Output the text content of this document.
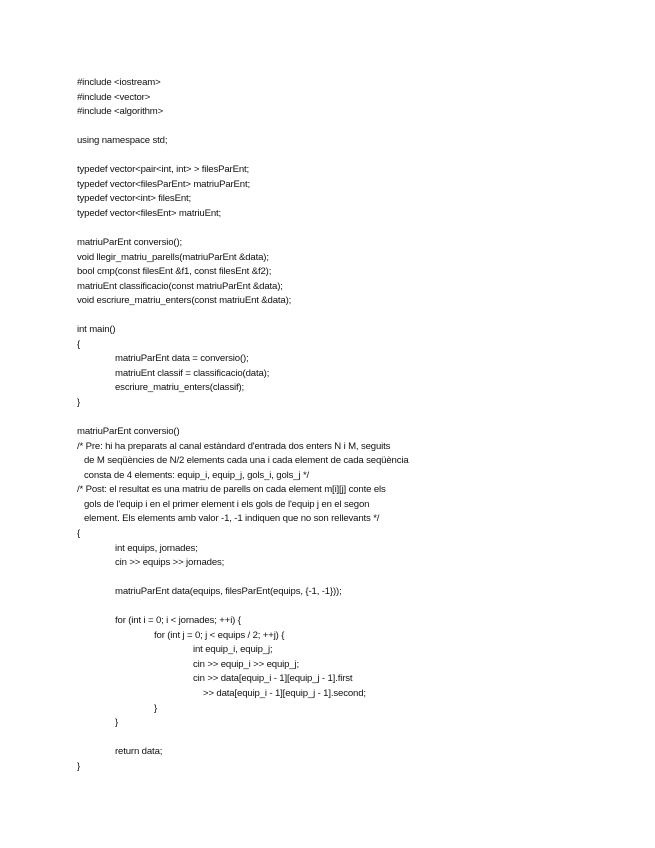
#include <iostream>
#include <vector>
#include <algorithm>
using namespace std;
typedef vector<pair<int, int> > filesParEnt;
typedef vector<filesParEnt> matriuParEnt;
typedef vector<int> filesEnt;
typedef vector<filesEnt> matriuEnt;
matriuParEnt conversio();
void llegir_matriu_parells(matriuParEnt &data);
bool cmp(const filesEnt &f1, const filesEnt &f2);
matriuEnt classificacio(const matriuParEnt &data);
void escriure_matriu_enters(const matriuEnt &data);
int main()
{
matriuParEnt data = conversio();
matriuEnt classif = classificacio(data);
escriure_matriu_enters(classif);
}
matriuParEnt conversio()
/* Pre: hi ha preparats al canal estàndard d'entrada dos enters N i M, seguits
de M seqüències de N/2 elements cada una i cada element de cada seqüència
consta de 4 elements: equip_i, equip_j, gols_i, gols_j */
/* Post: el resultat es una matriu de parells on cada element m[i][j] conte els
gols de l'equip i en el primer element i els gols de l'equip j en el segon
element. Els elements amb valor -1, -1 indiquen que no son rellevants */
{
int equips, jornades;
cin >> equips >> jornades;
matriuParEnt data(equips, filesParEnt(equips, {-1, -1}));
for (int i = 0; i < jornades; ++i) {
for (int j = 0; j < equips / 2; ++j) {
int equip_i, equip_j;
cin >> equip_i >> equip_j;
cin >> data[equip_i - 1][equip_j - 1].first
>> data[equip_i - 1][equip_j - 1].second;
}
}
return data;
}
